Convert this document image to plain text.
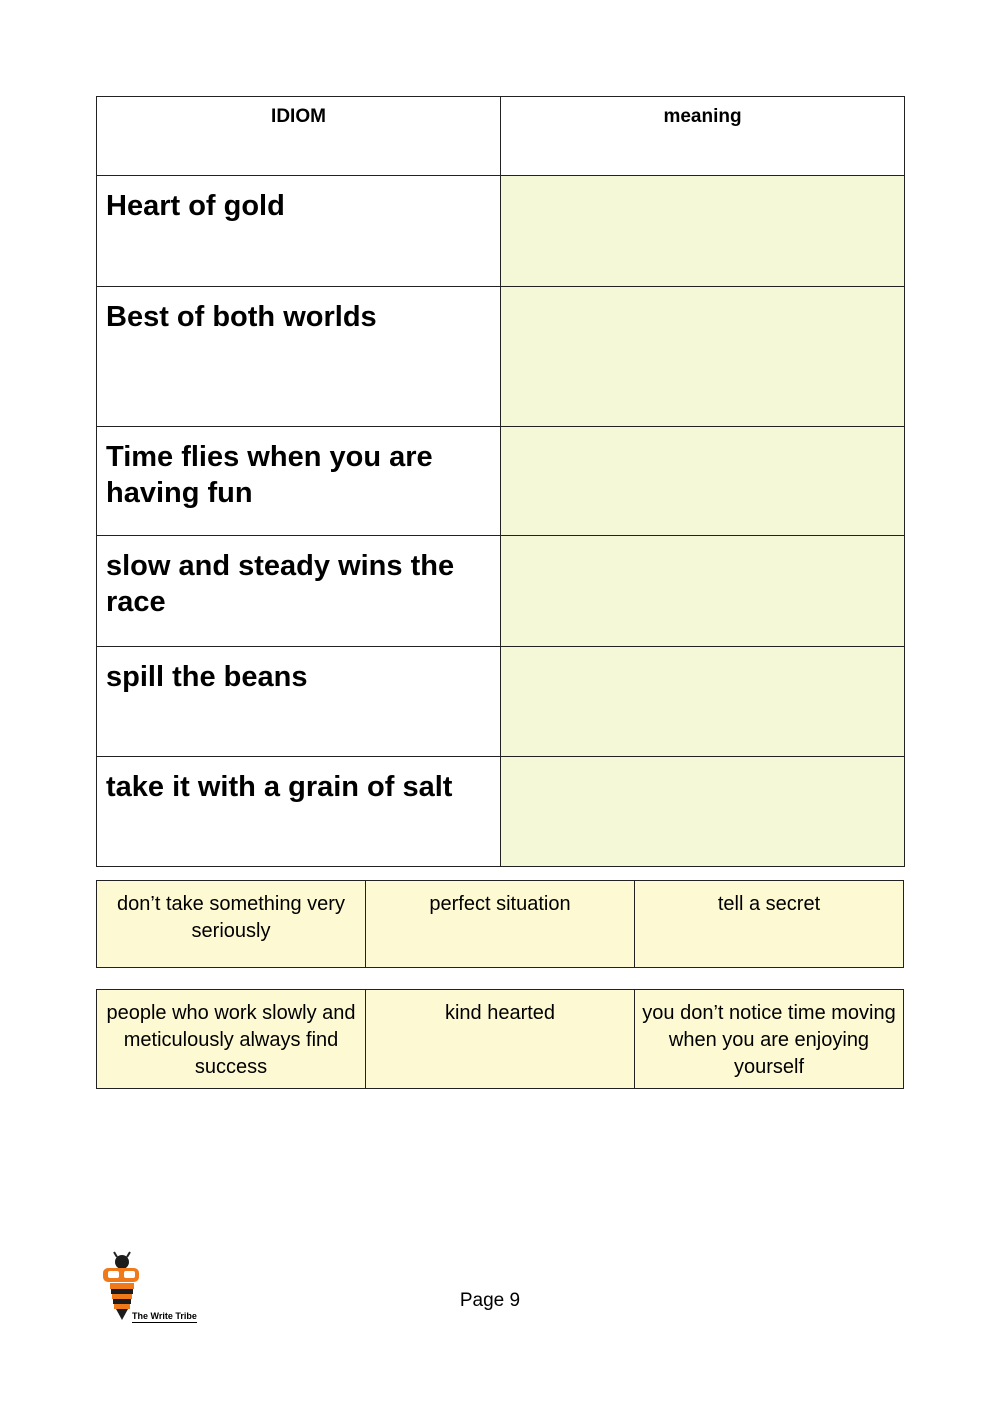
IDIOM	meaning
Heart of gold	
Best of both worlds	
Time flies when you are having fun	
slow and steady wins the race	
spill the beans	
take it with a grain of salt	
don’t take something very seriously	perfect situation	tell a secret
people who work slowly and meticulously always find success	kind hearted	you don’t notice time moving when you are enjoying yourself
The Write Tribe
Page 9
